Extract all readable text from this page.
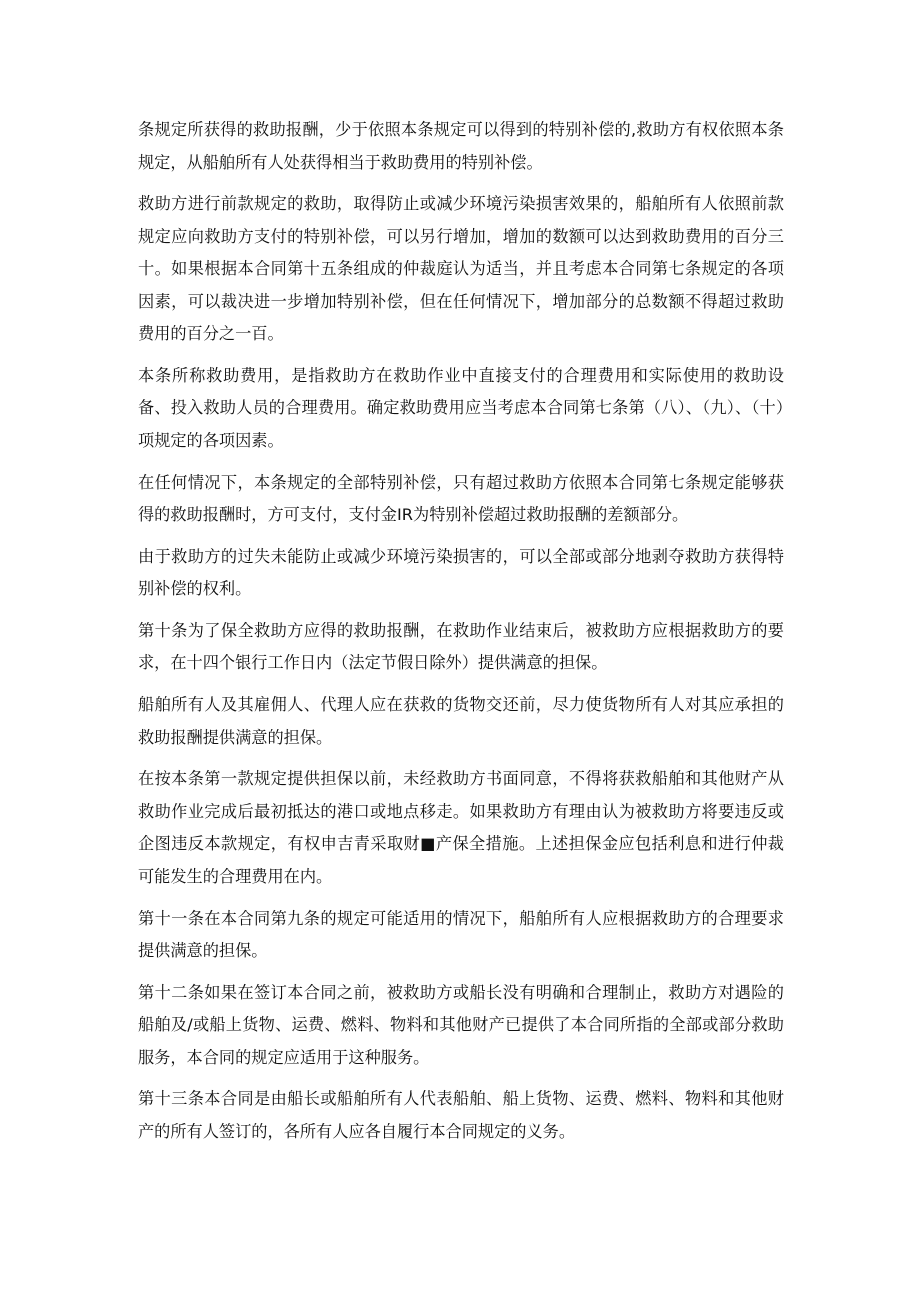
条规定所获得的救助报酬，少于依照本条规定可以得到的特别补偿的,救助方有权依照本条规定，从船舶所有人处获得相当于救助费用的特别补偿。

救助方进行前款规定的救助，取得防止或减少环境污染损害效果的，船舶所有人依照前款规定应向救助方支付的特别补偿，可以另行增加，增加的数额可以达到救助费用的百分三十。如果根据本合同第十五条组成的仲裁庭认为适当，并且考虑本合同第七条规定的各项因素，可以裁决进一步增加特别补偿，但在任何情况下，增加部分的总数额不得超过救助费用的百分之一百。

本条所称救助费用，是指救助方在救助作业中直接支付的合理费用和实际使用的救助设备、投入救助人员的合理费用。确定救助费用应当考虑本合同第七条第（八）、（九）、（十）项规定的各项因素。

在任何情况下，本条规定的全部特别补偿，只有超过救助方依照本合同第七条规定能够获得的救助报酬时，方可支付，支付金IR为特别补偿超过救助报酬的差额部分。

由于救助方的过失未能防止或减少环境污染损害的，可以全部或部分地剥夺救助方获得特别补偿的权利。

第十条为了保全救助方应得的救助报酬，在救助作业结束后，被救助方应根据救助方的要求，在十四个银行工作日内（法定节假日除外）提供满意的担保。

船舶所有人及其雇佣人、代理人应在获救的货物交还前，尽力使货物所有人对其应承担的救助报酬提供满意的担保。

在按本条第一款规定提供担保以前，未经救助方书面同意，不得将获救船舶和其他财产从救助作业完成后最初抵达的港口或地点移走。如果救助方有理由认为被救助方将要违反或企图违反本款规定，有权申吉青采取财■产保全措施。上述担保金应包括利息和进行仲裁可能发生的合理费用在内。

第十一条在本合同第九条的规定可能适用的情况下，船舶所有人应根据救助方的合理要求提供满意的担保。

第十二条如果在签订本合同之前，被救助方或船长没有明确和合理制止，救助方对遇险的船舶及/或船上货物、运费、燃料、物料和其他财产已提供了本合同所指的全部或部分救助服务，本合同的规定应适用于这种服务。

第十三条本合同是由船长或船舶所有人代表船舶、船上货物、运费、燃料、物料和其他财产的所有人签订的，各所有人应各自履行本合同规定的义务。
